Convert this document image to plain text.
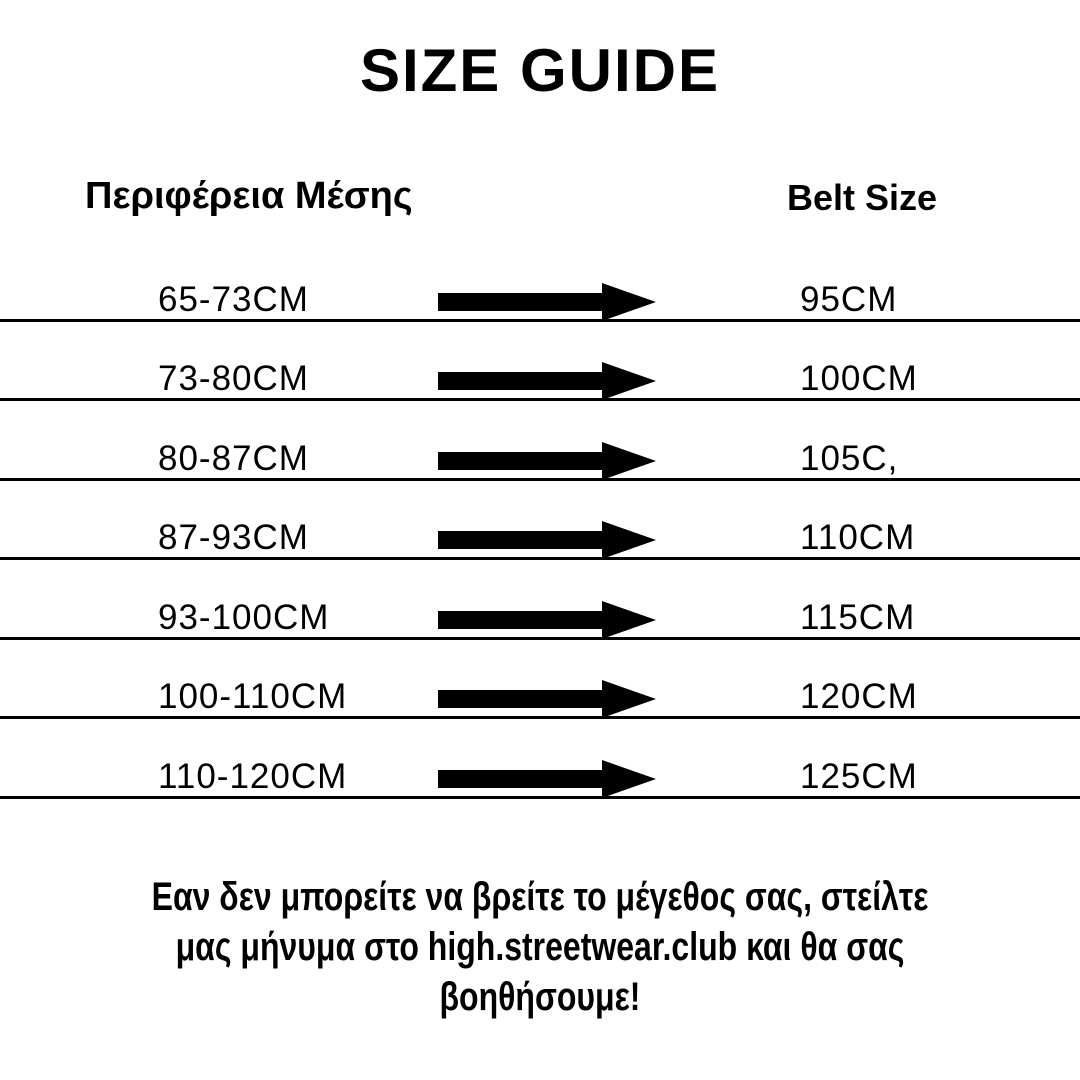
SIZE GUIDE
Περιφέρεια Μέσης	Belt Size
65-73CM	95CM
73-80CM	100CM
80-87CM	105C,
87-93CM	110CM
93-100CM	115CM
100-110CM	120CM
110-120CM	125CM
Εαν δεν μπορείτε να βρείτε το μέγεθος σας, στείλτε
μας μήνυμα στο high.streetwear.club και θα σας
βοηθήσουμε!
